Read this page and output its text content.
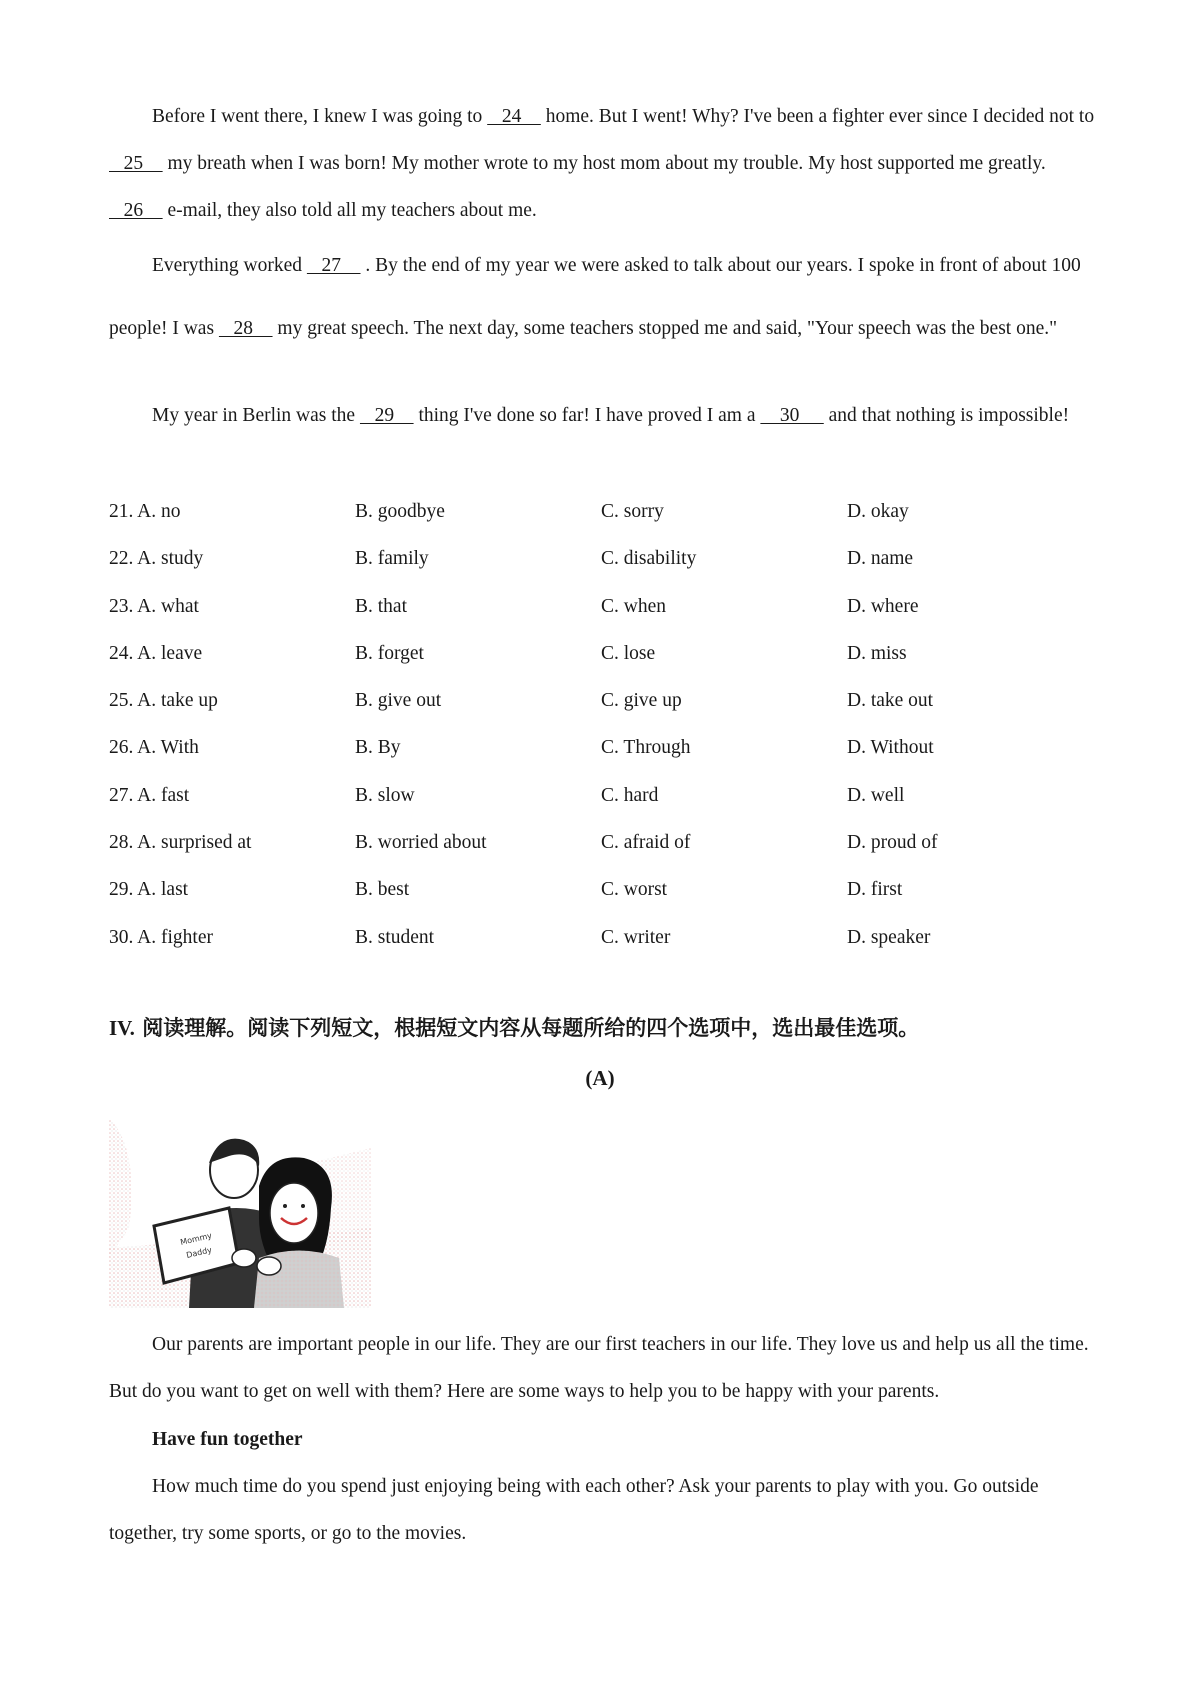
Before I went there, I knew I was going to    24     home. But I went! Why? I've been a fighter ever since I decided not to    25     my breath when I was born! My mother wrote to my host mom about my trouble. My host supported me greatly.    26     e-mail, they also told all my teachers about me.

Everything worked    27     . By the end of my year we were asked to talk about our years. I spoke in front of about 100 people! I was    28     my great speech. The next day, some teachers stopped me and said, "Your speech was the best one."

My year in Berlin was the    29     thing I've done so far! I have proved I am a     30      and that nothing is impossible!

21. A. no	B. goodbye	C. sorry	D. okay
22. A. study	B. family	C. disability	D. name
23. A. what	B. that	C. when	D. where
24. A. leave	B. forget	C. lose	D. miss
25. A. take up	B. give out	C. give up	D. take out
26. A. With	B. By	C. Through	D. Without
27. A. fast	B. slow	C. hard	D. well
28. A. surprised at	B. worried about	C. afraid of	D. proud of
29. A. last	B. best	C. worst	D. first
30. A. fighter	B. student	C. writer	D. speaker

IV. 阅读理解。阅读下列短文，根据短文内容从每题所给的四个选项中，选出最佳选项。

(A)

Mommy
Daddy

Our parents are important people in our life. They are our first teachers in our life. They love us and help us all the time. But do you want to get on well with them? Here are some ways to help you to be happy with your parents.

Have fun together

How much time do you spend just enjoying being with each other? Ask your parents to play with you. Go outside together, try some sports, or go to the movies.
